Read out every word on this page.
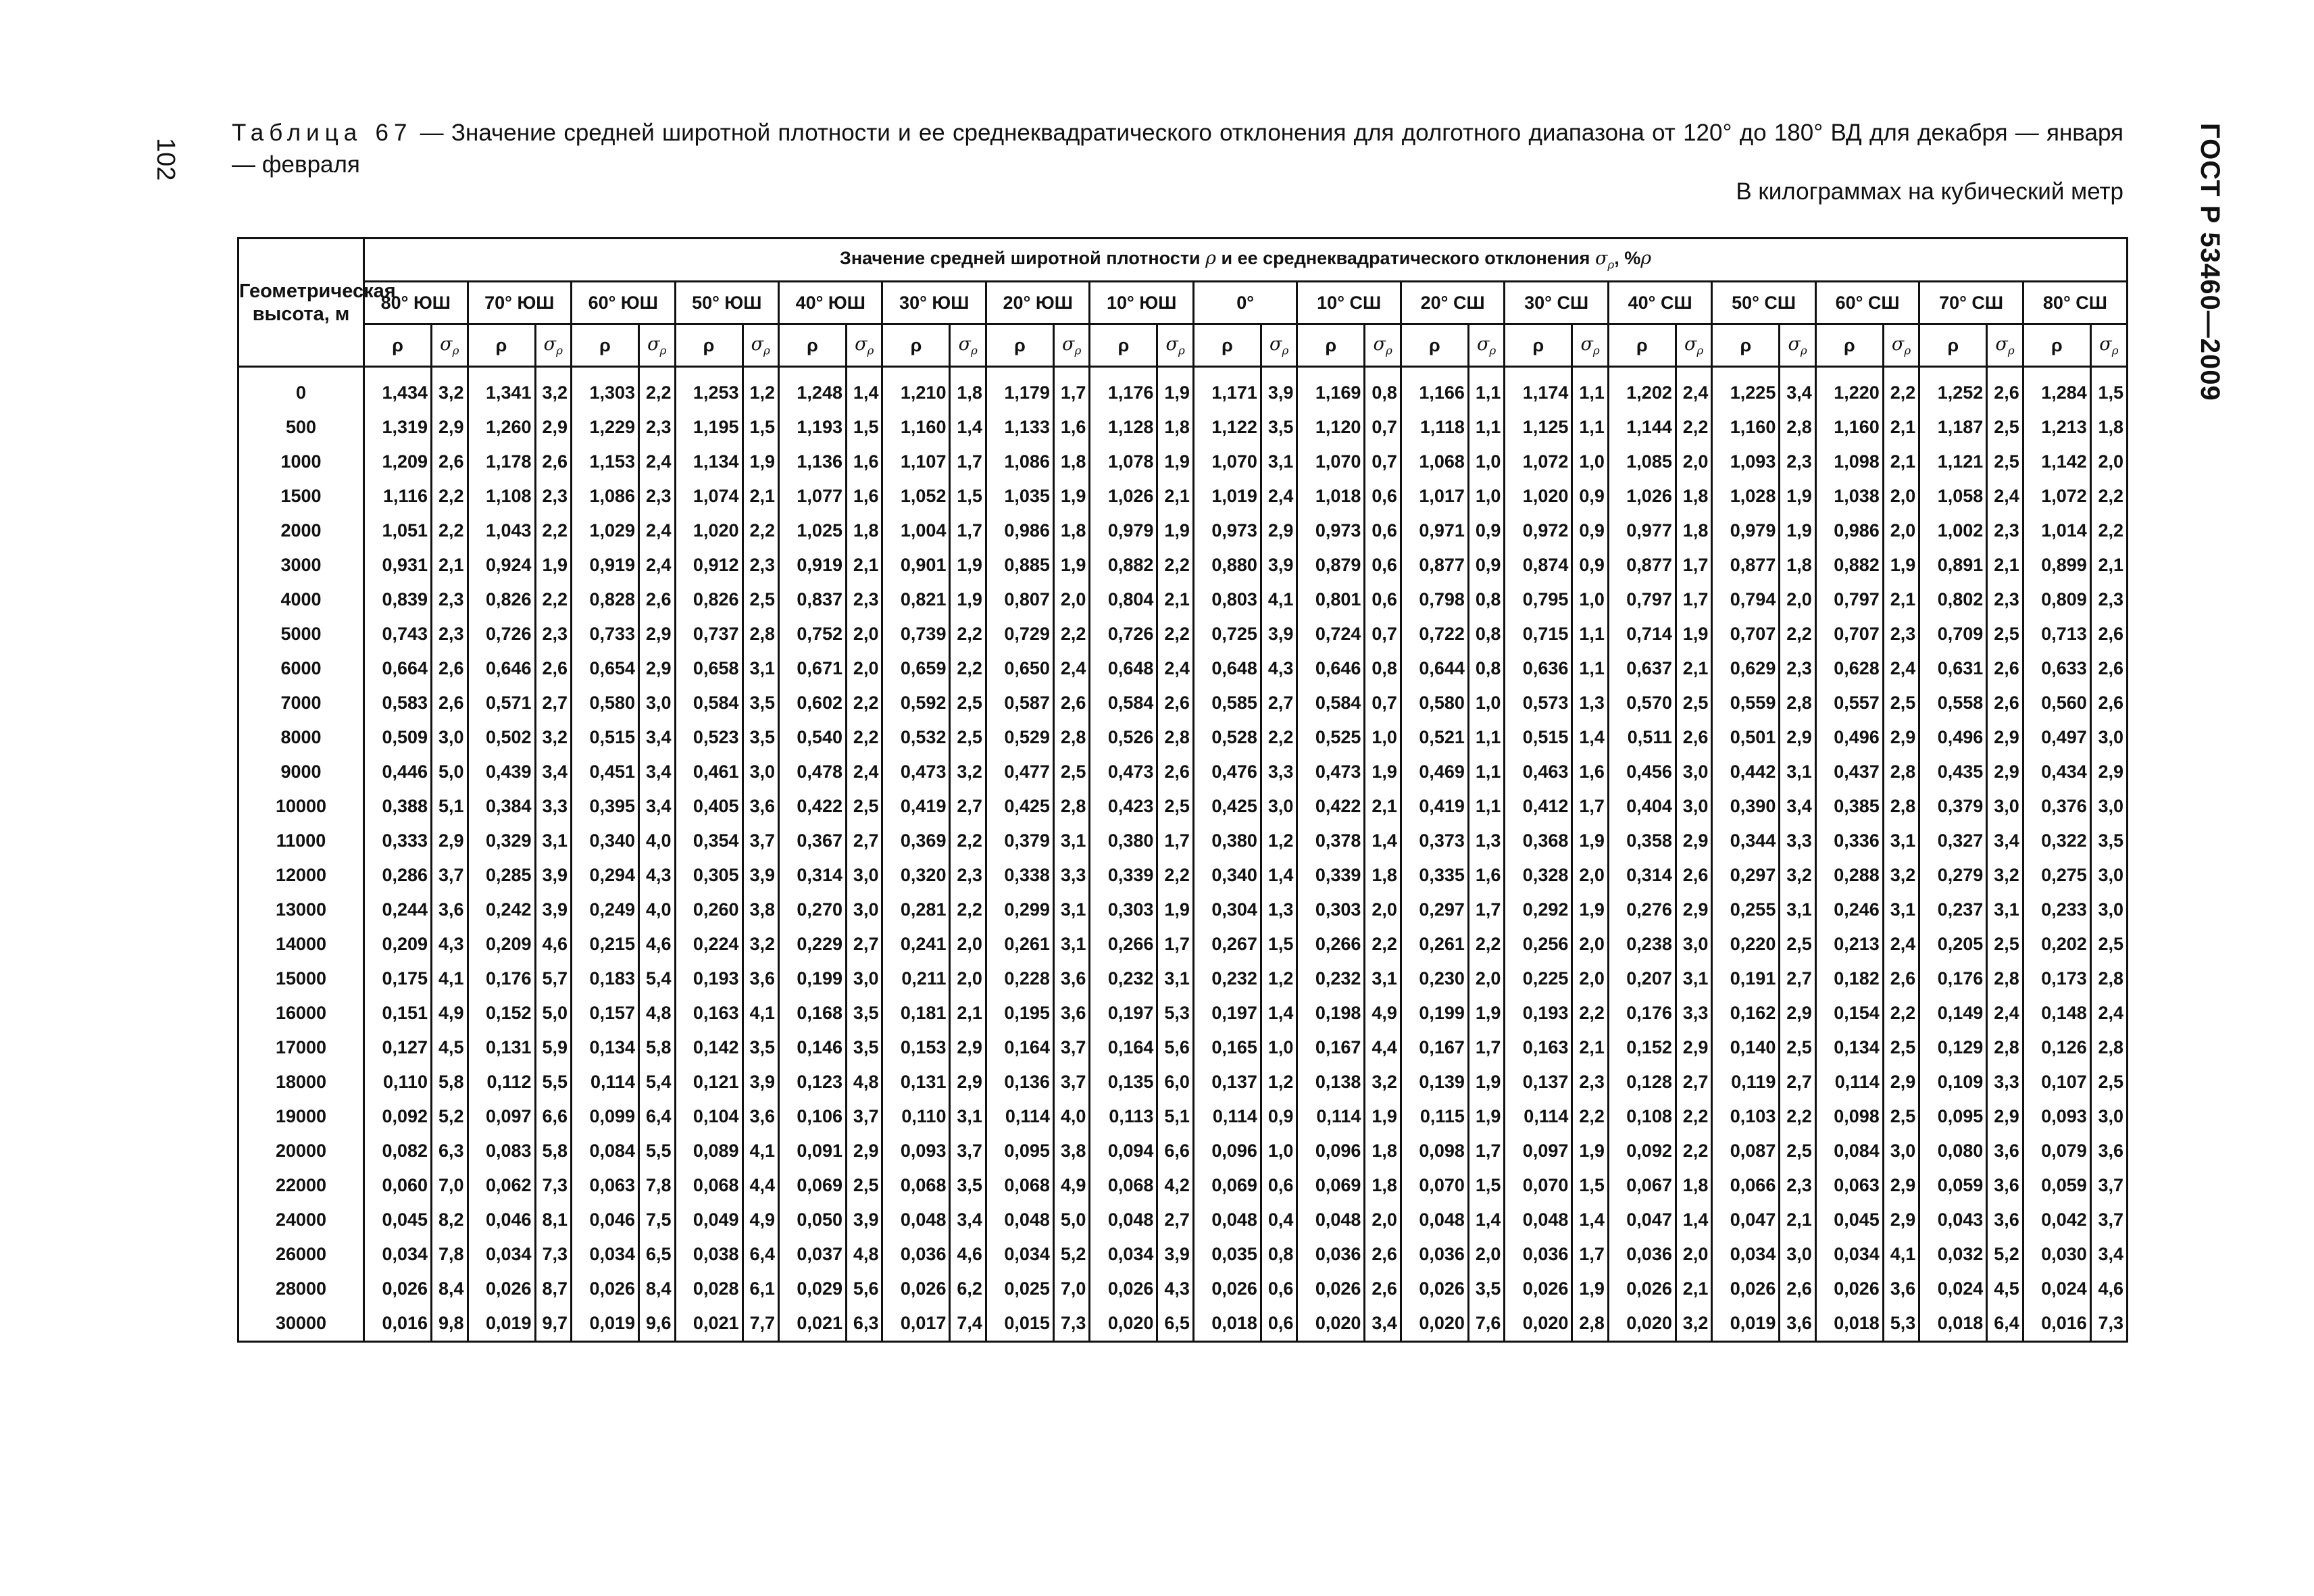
102	ГОСТ Р 53460—2009
Таблица 67 — Значение средней широтной плотности и ее среднеквадратического отклонения для долготного диапазона от 120° до 180° ВД для декабря — января — февраля
В килограммах на кубический метр
Геометрическая высота, м	Значение средней широтной плотности ρ и ее среднеквадратического отклонения $\sigma_\rho$, %ρ																																	
	80° ЮШ		70° ЮШ		60° ЮШ		50° ЮШ		40° ЮШ		30° ЮШ		20° ЮШ		10° ЮШ		0°		10° СШ		20° СШ		30° СШ		40° СШ		50° СШ		60° СШ		70° СШ		80° СШ	
	ρ	$\sigma_\rho$	ρ	$\sigma_\rho$	ρ	$\sigma_\rho$	ρ	$\sigma_\rho$	ρ	$\sigma_\rho$	ρ	$\sigma_\rho$	ρ	$\sigma_\rho$	ρ	$\sigma_\rho$	ρ	$\sigma_\rho$	ρ	$\sigma_\rho$	ρ	$\sigma_\rho$	ρ	$\sigma_\rho$	ρ	$\sigma_\rho$	ρ	$\sigma_\rho$	ρ	$\sigma_\rho$	ρ	$\sigma_\rho$	ρ	$\sigma_\rho$
0	1,434	3,2	1,341	3,2	1,303	2,2	1,253	1,2	1,248	1,4	1,210	1,8	1,179	1,7	1,176	1,9	1,171	3,9	1,169	0,8	1,166	1,1	1,174	1,1	1,202	2,4	1,225	3,4	1,220	2,2	1,252	2,6	1,284	1,5
500	1,319	2,9	1,260	2,9	1,229	2,3	1,195	1,5	1,193	1,5	1,160	1,4	1,133	1,6	1,128	1,8	1,122	3,5	1,120	0,7	1,118	1,1	1,125	1,1	1,144	2,2	1,160	2,8	1,160	2,1	1,187	2,5	1,213	1,8
1000	1,209	2,6	1,178	2,6	1,153	2,4	1,134	1,9	1,136	1,6	1,107	1,7	1,086	1,8	1,078	1,9	1,070	3,1	1,070	0,7	1,068	1,0	1,072	1,0	1,085	2,0	1,093	2,3	1,098	2,1	1,121	2,5	1,142	2,0
1500	1,116	2,2	1,108	2,3	1,086	2,3	1,074	2,1	1,077	1,6	1,052	1,5	1,035	1,9	1,026	2,1	1,019	2,4	1,018	0,6	1,017	1,0	1,020	0,9	1,026	1,8	1,028	1,9	1,038	2,0	1,058	2,4	1,072	2,2
2000	1,051	2,2	1,043	2,2	1,029	2,4	1,020	2,2	1,025	1,8	1,004	1,7	0,986	1,8	0,979	1,9	0,973	2,9	0,973	0,6	0,971	0,9	0,972	0,9	0,977	1,8	0,979	1,9	0,986	2,0	1,002	2,3	1,014	2,2
3000	0,931	2,1	0,924	1,9	0,919	2,4	0,912	2,3	0,919	2,1	0,901	1,9	0,885	1,9	0,882	2,2	0,880	3,9	0,879	0,6	0,877	0,9	0,874	0,9	0,877	1,7	0,877	1,8	0,882	1,9	0,891	2,1	0,899	2,1
4000	0,839	2,3	0,826	2,2	0,828	2,6	0,826	2,5	0,837	2,3	0,821	1,9	0,807	2,0	0,804	2,1	0,803	4,1	0,801	0,6	0,798	0,8	0,795	1,0	0,797	1,7	0,794	2,0	0,797	2,1	0,802	2,3	0,809	2,3
5000	0,743	2,3	0,726	2,3	0,733	2,9	0,737	2,8	0,752	2,0	0,739	2,2	0,729	2,2	0,726	2,2	0,725	3,9	0,724	0,7	0,722	0,8	0,715	1,1	0,714	1,9	0,707	2,2	0,707	2,3	0,709	2,5	0,713	2,6
6000	0,664	2,6	0,646	2,6	0,654	2,9	0,658	3,1	0,671	2,0	0,659	2,2	0,650	2,4	0,648	2,4	0,648	4,3	0,646	0,8	0,644	0,8	0,636	1,1	0,637	2,1	0,629	2,3	0,628	2,4	0,631	2,6	0,633	2,6
7000	0,583	2,6	0,571	2,7	0,580	3,0	0,584	3,5	0,602	2,2	0,592	2,5	0,587	2,6	0,584	2,6	0,585	2,7	0,584	0,7	0,580	1,0	0,573	1,3	0,570	2,5	0,559	2,8	0,557	2,5	0,558	2,6	0,560	2,6
8000	0,509	3,0	0,502	3,2	0,515	3,4	0,523	3,5	0,540	2,2	0,532	2,5	0,529	2,8	0,526	2,8	0,528	2,2	0,525	1,0	0,521	1,1	0,515	1,4	0,511	2,6	0,501	2,9	0,496	2,9	0,496	2,9	0,497	3,0
9000	0,446	5,0	0,439	3,4	0,451	3,4	0,461	3,0	0,478	2,4	0,473	3,2	0,477	2,5	0,473	2,6	0,476	3,3	0,473	1,9	0,469	1,1	0,463	1,6	0,456	3,0	0,442	3,1	0,437	2,8	0,435	2,9	0,434	2,9
10000	0,388	5,1	0,384	3,3	0,395	3,4	0,405	3,6	0,422	2,5	0,419	2,7	0,425	2,8	0,423	2,5	0,425	3,0	0,422	2,1	0,419	1,1	0,412	1,7	0,404	3,0	0,390	3,4	0,385	2,8	0,379	3,0	0,376	3,0
11000	0,333	2,9	0,329	3,1	0,340	4,0	0,354	3,7	0,367	2,7	0,369	2,2	0,379	3,1	0,380	1,7	0,380	1,2	0,378	1,4	0,373	1,3	0,368	1,9	0,358	2,9	0,344	3,3	0,336	3,1	0,327	3,4	0,322	3,5
12000	0,286	3,7	0,285	3,9	0,294	4,3	0,305	3,9	0,314	3,0	0,320	2,3	0,338	3,3	0,339	2,2	0,340	1,4	0,339	1,8	0,335	1,6	0,328	2,0	0,314	2,6	0,297	3,2	0,288	3,2	0,279	3,2	0,275	3,0
13000	0,244	3,6	0,242	3,9	0,249	4,0	0,260	3,8	0,270	3,0	0,281	2,2	0,299	3,1	0,303	1,9	0,304	1,3	0,303	2,0	0,297	1,7	0,292	1,9	0,276	2,9	0,255	3,1	0,246	3,1	0,237	3,1	0,233	3,0
14000	0,209	4,3	0,209	4,6	0,215	4,6	0,224	3,2	0,229	2,7	0,241	2,0	0,261	3,1	0,266	1,7	0,267	1,5	0,266	2,2	0,261	2,2	0,256	2,0	0,238	3,0	0,220	2,5	0,213	2,4	0,205	2,5	0,202	2,5
15000	0,175	4,1	0,176	5,7	0,183	5,4	0,193	3,6	0,199	3,0	0,211	2,0	0,228	3,6	0,232	3,1	0,232	1,2	0,232	3,1	0,230	2,0	0,225	2,0	0,207	3,1	0,191	2,7	0,182	2,6	0,176	2,8	0,173	2,8
16000	0,151	4,9	0,152	5,0	0,157	4,8	0,163	4,1	0,168	3,5	0,181	2,1	0,195	3,6	0,197	5,3	0,197	1,4	0,198	4,9	0,199	1,9	0,193	2,2	0,176	3,3	0,162	2,9	0,154	2,2	0,149	2,4	0,148	2,4
17000	0,127	4,5	0,131	5,9	0,134	5,8	0,142	3,5	0,146	3,5	0,153	2,9	0,164	3,7	0,164	5,6	0,165	1,0	0,167	4,4	0,167	1,7	0,163	2,1	0,152	2,9	0,140	2,5	0,134	2,5	0,129	2,8	0,126	2,8
18000	0,110	5,8	0,112	5,5	0,114	5,4	0,121	3,9	0,123	4,8	0,131	2,9	0,136	3,7	0,135	6,0	0,137	1,2	0,138	3,2	0,139	1,9	0,137	2,3	0,128	2,7	0,119	2,7	0,114	2,9	0,109	3,3	0,107	2,5
19000	0,092	5,2	0,097	6,6	0,099	6,4	0,104	3,6	0,106	3,7	0,110	3,1	0,114	4,0	0,113	5,1	0,114	0,9	0,114	1,9	0,115	1,9	0,114	2,2	0,108	2,2	0,103	2,2	0,098	2,5	0,095	2,9	0,093	3,0
20000	0,082	6,3	0,083	5,8	0,084	5,5	0,089	4,1	0,091	2,9	0,093	3,7	0,095	3,8	0,094	6,6	0,096	1,0	0,096	1,8	0,098	1,7	0,097	1,9	0,092	2,2	0,087	2,5	0,084	3,0	0,080	3,6	0,079	3,6
22000	0,060	7,0	0,062	7,3	0,063	7,8	0,068	4,4	0,069	2,5	0,068	3,5	0,068	4,9	0,068	4,2	0,069	0,6	0,069	1,8	0,070	1,5	0,070	1,5	0,067	1,8	0,066	2,3	0,063	2,9	0,059	3,6	0,059	3,7
24000	0,045	8,2	0,046	8,1	0,046	7,5	0,049	4,9	0,050	3,9	0,048	3,4	0,048	5,0	0,048	2,7	0,048	0,4	0,048	2,0	0,048	1,4	0,048	1,4	0,047	1,4	0,047	2,1	0,045	2,9	0,043	3,6	0,042	3,7
26000	0,034	7,8	0,034	7,3	0,034	6,5	0,038	6,4	0,037	4,8	0,036	4,6	0,034	5,2	0,034	3,9	0,035	0,8	0,036	2,6	0,036	2,0	0,036	1,7	0,036	2,0	0,034	3,0	0,034	4,1	0,032	5,2	0,030	3,4
28000	0,026	8,4	0,026	8,7	0,026	8,4	0,028	6,1	0,029	5,6	0,026	6,2	0,025	7,0	0,026	4,3	0,026	0,6	0,026	2,6	0,026	3,5	0,026	1,9	0,026	2,1	0,026	2,6	0,026	3,6	0,024	4,5	0,024	4,6
30000	0,016	9,8	0,019	9,7	0,019	9,6	0,021	7,7	0,021	6,3	0,017	7,4	0,015	7,3	0,020	6,5	0,018	0,6	0,020	3,4	0,020	7,6	0,020	2,8	0,020	3,2	0,019	3,6	0,018	5,3	0,018	6,4	0,016	7,3
